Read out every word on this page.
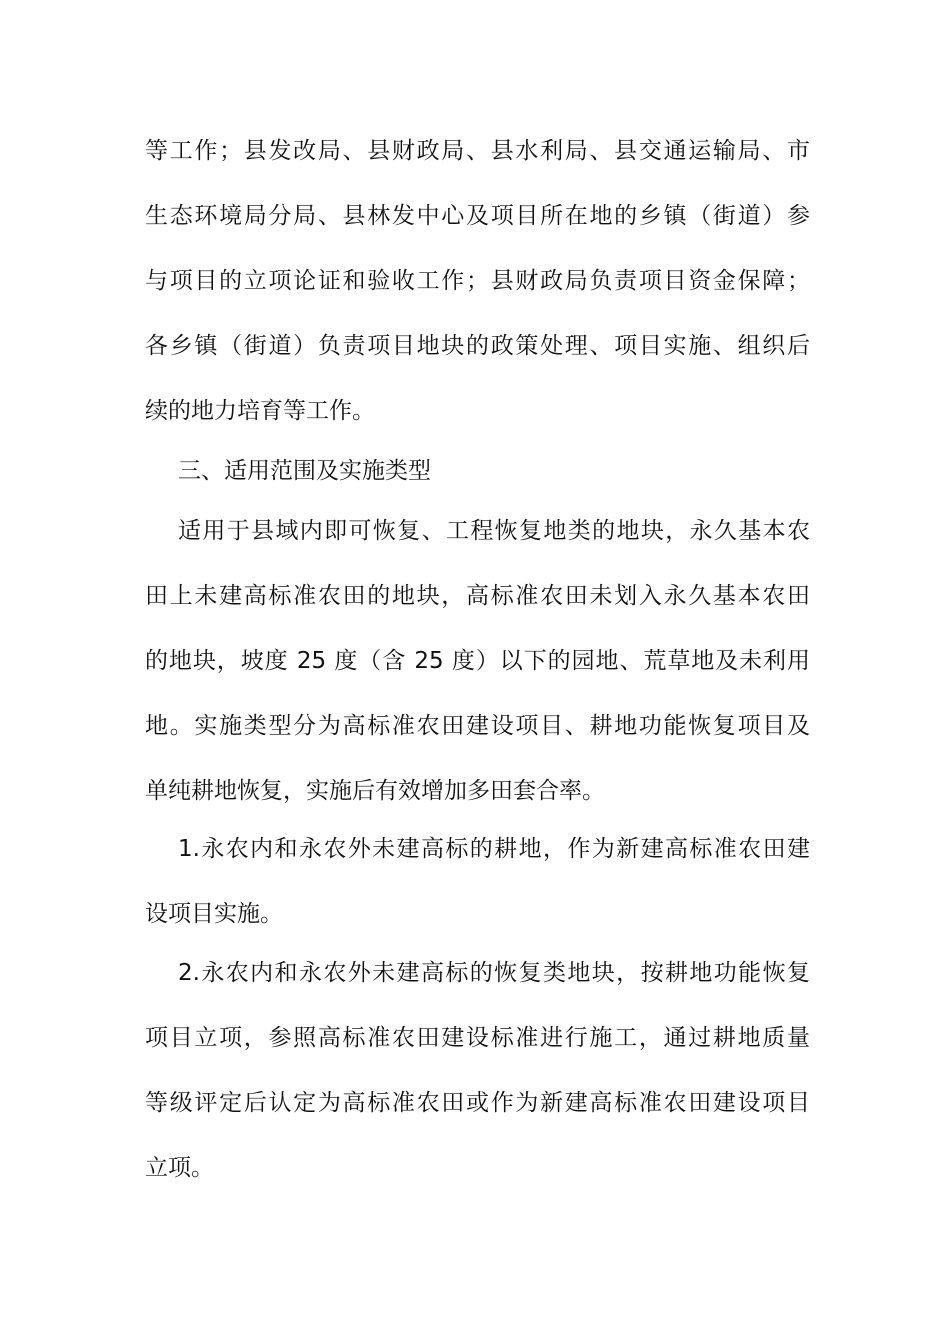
等工作；县发改局、县财政局、县水利局、县交通运输局、市
生态环境局分局、县林发中心及项目所在地的乡镇（街道）参
与项目的立项论证和验收工作；县财政局负责项目资金保障；
各乡镇（街道）负责项目地块的政策处理、项目实施、组织后
续的地力培育等工作。
三、适用范围及实施类型
适用于县域内即可恢复、工程恢复地类的地块，永久基本农
田上未建高标准农田的地块，高标准农田未划入永久基本农田
的地块，坡度 25 度（含 25 度）以下的园地、荒草地及未利用
地。实施类型分为高标准农田建设项目、耕地功能恢复项目及
单纯耕地恢复，实施后有效增加多田套合率。
1.永农内和永农外未建高标的耕地，作为新建高标准农田建
设项目实施。
2.永农内和永农外未建高标的恢复类地块，按耕地功能恢复
项目立项，参照高标准农田建设标准进行施工，通过耕地质量
等级评定后认定为高标准农田或作为新建高标准农田建设项目
立项。
